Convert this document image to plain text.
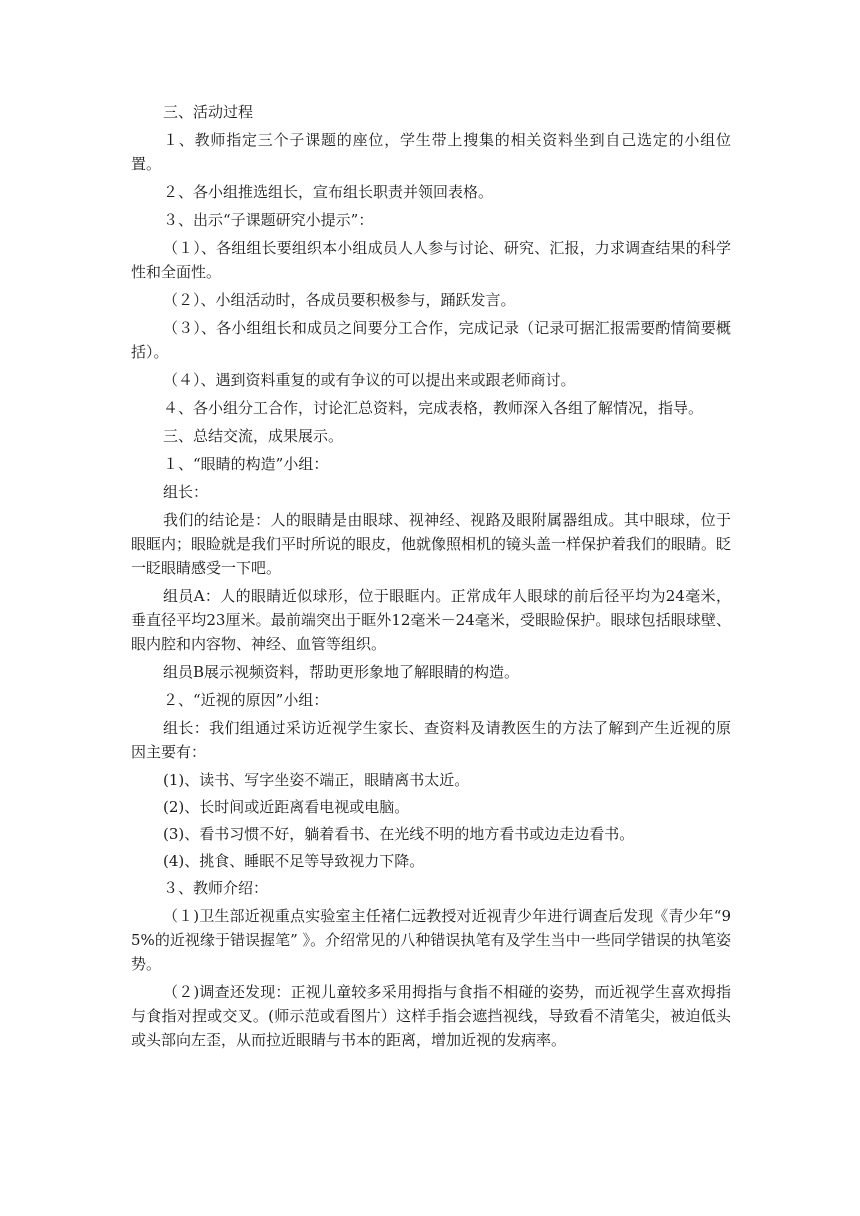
三、活动过程

１、教师指定三个子课题的座位，学生带上搜集的相关资料坐到自己选定的小组位置。

２、各小组推选组长，宣布组长职责并领回表格。

３、出示“子课题研究小提示”：

（１）、各组组长要组织本小组成员人人参与讨论、研究、汇报，力求调查结果的科学性和全面性。

（２）、小组活动时，各成员要积极参与，踊跃发言。

（３）、各小组组长和成员之间要分工合作，完成记录（记录可据汇报需要酌情简要概括）。

（４）、遇到资料重复的或有争议的可以提出来或跟老师商讨。

４、各小组分工合作，讨论汇总资料，完成表格，教师深入各组了解情况，指导。

三、总结交流，成果展示。

１、“眼睛的构造”小组：

组长：

我们的结论是：人的眼睛是由眼球、视神经、视路及眼附属器组成。其中眼球，位于眼眶内；眼睑就是我们平时所说的眼皮，他就像照相机的镜头盖一样保护着我们的眼睛。眨一眨眼睛感受一下吧。

组员A：人的眼睛近似球形，位于眼眶内。正常成年人眼球的前后径平均为24毫米，垂直径平均23厘米。最前端突出于眶外12毫米－24毫米，受眼睑保护。眼球包括眼球壁、眼内腔和内容物、神经、血管等组织。

组员B展示视频资料，帮助更形象地了解眼睛的构造。

２、“近视的原因”小组：

组长：我们组通过采访近视学生家长、查资料及请教医生的方法了解到产生近视的原因主要有：

(1)、读书、写字坐姿不端正，眼睛离书太近。

(2)、长时间或近距离看电视或电脑。

(3)、看书习惯不好，躺着看书、在光线不明的地方看书或边走边看书。

(4)、挑食、睡眠不足等导致视力下降。

３、教师介绍：

（１)卫生部近视重点实验室主任褚仁远教授对近视青少年进行调查后发现《青少年“95%的近视缘于错误握笔” 》。介绍常见的八种错误执笔有及学生当中一些同学错误的执笔姿势。

（２)调查还发现：正视儿童较多采用拇指与食指不相碰的姿势，而近视学生喜欢拇指与食指对捏或交叉。(师示范或看图片）这样手指会遮挡视线，导致看不清笔尖，被迫低头或头部向左歪，从而拉近眼睛与书本的距离，增加近视的发病率。
